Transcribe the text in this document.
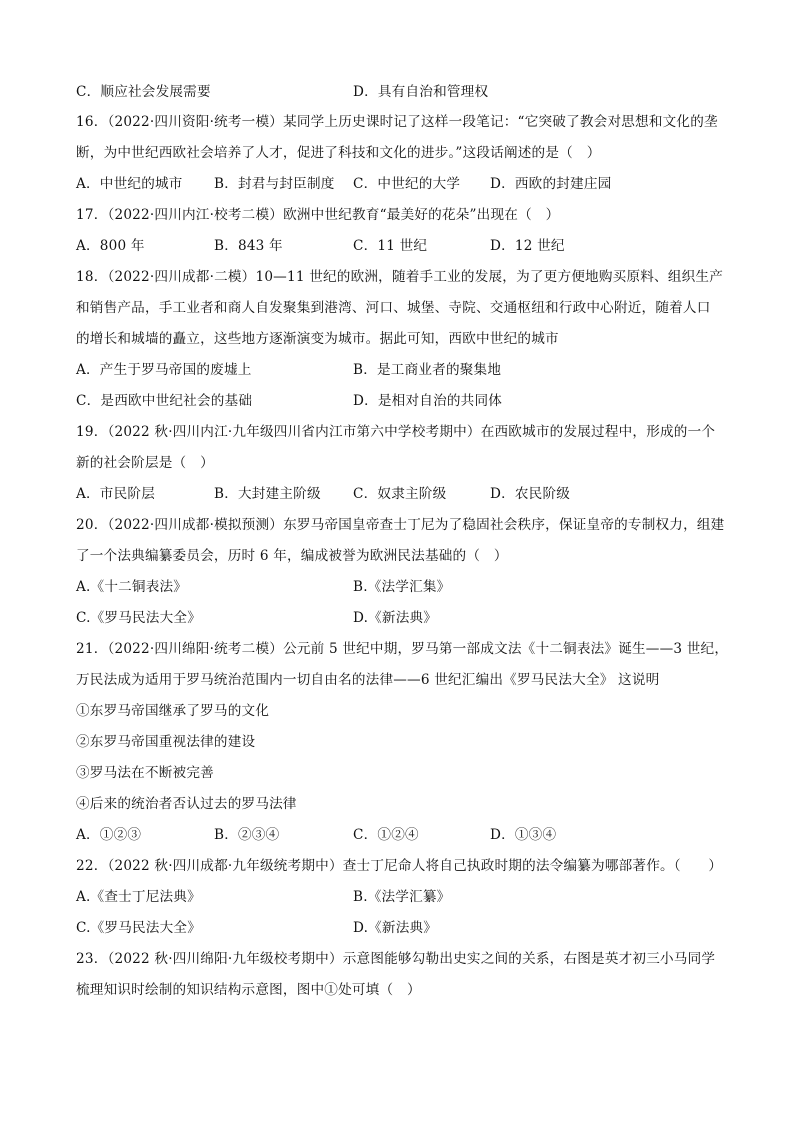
C．顺应社会发展需要	D．具有自治和管理权
16．（2022·四川资阳·统考一模）某同学上历史课时记了这样一段笔记：“它突破了教会对思想和文化的垄
断，为中世纪西欧社会培养了人才，促进了科技和文化的进步。”这段话阐述的是（　）
A．中世纪的城市 B．封君与封臣制度 C．中世纪的大学 D．西欧的封建庄园
17．（2022·四川内江·校考二模）欧洲中世纪教育“最美好的花朵”出现在（　）
A．800 年	B．843 年	C．11 世纪	D．12 世纪
18．（2022·四川成都·二模）10—11 世纪的欧洲，随着手工业的发展，为了更方便地购买原料、组织生产
和销售产品，手工业者和商人自发聚集到港湾、河口、城堡、寺院、交通枢纽和行政中心附近，随着人口
的增长和城墙的矗立，这些地方逐渐演变为城市。据此可知，西欧中世纪的城市
A．产生于罗马帝国的废墟上	B．是工商业者的聚集地
C．是西欧中世纪社会的基础	D．是相对自治的共同体
19．（2022 秋·四川内江·九年级四川省内江市第六中学校考期中）在西欧城市的发展过程中，形成的一个
新的社会阶层是（　）
A．市民阶层	B．大封建主阶级 C．奴隶主阶级	D．农民阶级
20．（2022·四川成都·模拟预测）东罗马帝国皇帝查士丁尼为了稳固社会秩序，保证皇帝的专制权力，组建
了一个法典编纂委员会，历时 6 年，编成被誉为欧洲民法基础的（　）
A.《十二铜表法》	B.《法学汇集》
C.《罗马民法大全》	D.《新法典》
21．（2022·四川绵阳·统考二模）公元前 5 世纪中期，罗马第一部成文法《十二铜表法》诞生——3 世纪，
万民法成为适用于罗马统治范围内一切自由名的法律——6 世纪汇编出《罗马民法大全》 这说明
①东罗马帝国继承了罗马的文化
②东罗马帝国重视法律的建设
③罗马法在不断被完善
④后来的统治者否认过去的罗马法律
A．①②③	B．②③④	C．①②④	D．①③④
22．（2022 秋·四川成都·九年级统考期中）查士丁尼命人将自己执政时期的法令编纂为哪部著作。（　　）
A.《查士丁尼法典》	B.《法学汇纂》
C.《罗马民法大全》	D.《新法典》
23．（2022 秋·四川绵阳·九年级校考期中）示意图能够勾勒出史实之间的关系，右图是英才初三小马同学
梳理知识时绘制的知识结构示意图，图中①处可填（　）
